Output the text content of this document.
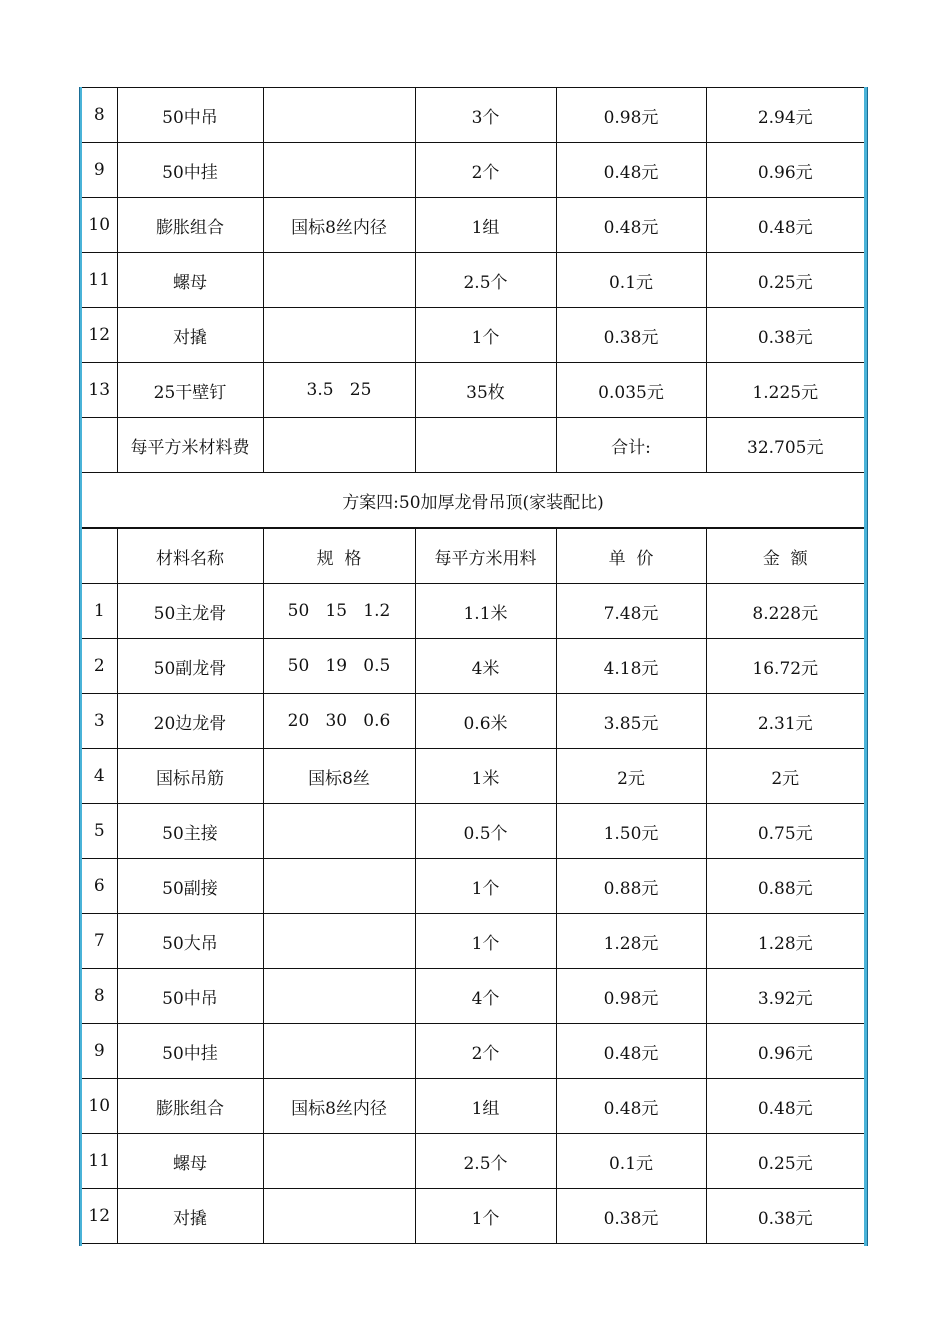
8	50中吊		3个	0.98元	2.94元
9	50中挂		2个	0.48元	0.96元
10	膨胀组合	国标8丝内径	1组	0.48元	0.48元
11	螺母		2.5个	0.1元	0.25元
12	对撬		1个	0.38元	0.38元
13	25干壁钉	3.5   25	35枚	0.035元	1.225元
	每平方米材料费			合计:	32.705元
方案四:50加厚龙骨吊顶(家装配比)					
	材料名称	规  格	每平方米用料	单  价	金  额
1	50主龙骨	50   15   1.2	1.1米	7.48元	8.228元
2	50副龙骨	50   19   0.5	4米	4.18元	16.72元
3	20边龙骨	20   30   0.6	0.6米	3.85元	2.31元
4	国标吊筋	国标8丝	1米	2元	2元
5	50主接		0.5个	1.50元	0.75元
6	50副接		1个	0.88元	0.88元
7	50大吊		1个	1.28元	1.28元
8	50中吊		4个	0.98元	3.92元
9	50中挂		2个	0.48元	0.96元
10	膨胀组合	国标8丝内径	1组	0.48元	0.48元
11	螺母		2.5个	0.1元	0.25元
12	对撬		1个	0.38元	0.38元
